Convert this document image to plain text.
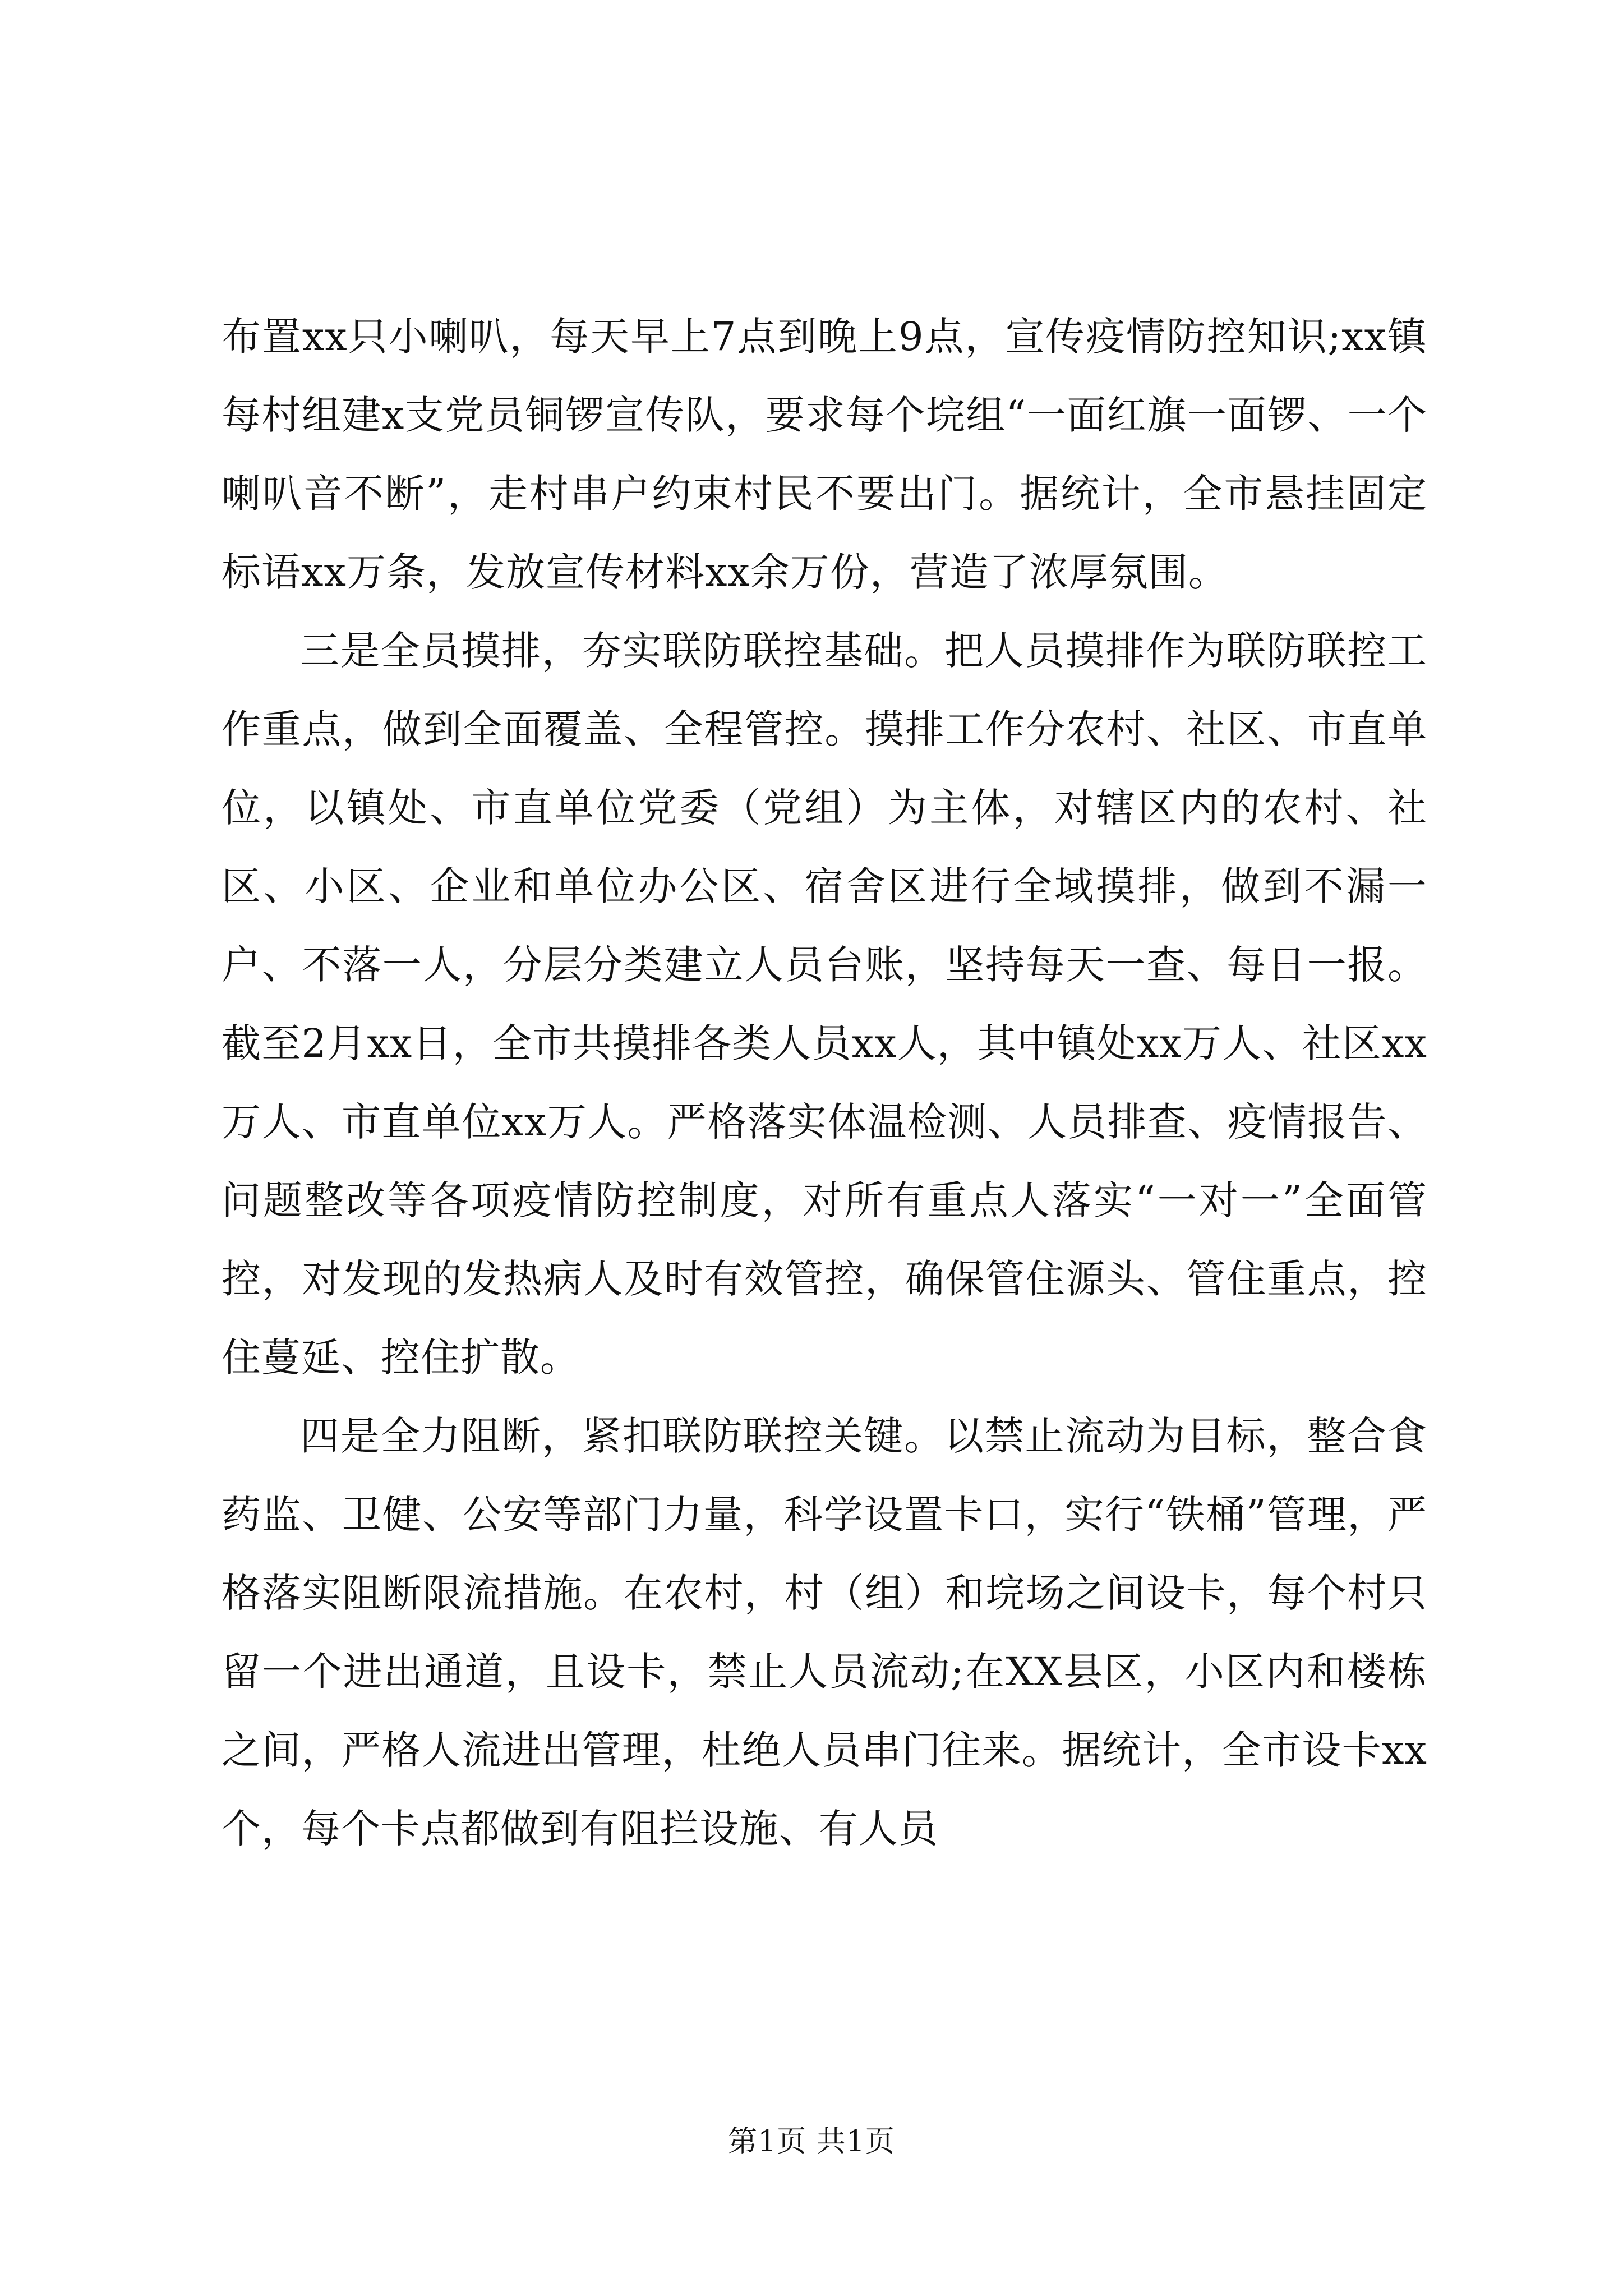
布置xx只小喇叭，每天早上7点到晚上9点，宣传疫情防控知识;xx镇每村组建x支党员铜锣宣传队，要求每个垸组“一面红旗一面锣、一个喇叭音不断”，走村串户约束村民不要出门。据统计，全市悬挂固定标语xx万条，发放宣传材料xx余万份，营造了浓厚氛围。

三是全员摸排，夯实联防联控基础。把人员摸排作为联防联控工作重点，做到全面覆盖、全程管控。摸排工作分农村、社区、市直单位，以镇处、市直单位党委（党组）为主体，对辖区内的农村、社区、小区、企业和单位办公区、宿舍区进行全域摸排，做到不漏一户、不落一人，分层分类建立人员台账，坚持每天一查、每日一报。截至2月xx日，全市共摸排各类人员xx人，其中镇处xx万人、社区xx万人、市直单位xx万人。严格落实体温检测、人员排查、疫情报告、问题整改等各项疫情防控制度，对所有重点人落实“一对一”全面管控，对发现的发热病人及时有效管控，确保管住源头、管住重点，控住蔓延、控住扩散。

四是全力阻断，紧扣联防联控关键。以禁止流动为目标，整合食药监、卫健、公安等部门力量，科学设置卡口，实行“铁桶”管理，严格落实阻断限流措施。在农村，村（组）和垸场之间设卡，每个村只留一个进出通道，且设卡，禁止人员流动;在XX县区，小区内和楼栋之间，严格人流进出管理，杜绝人员串门往来。据统计，全市设卡xx个，每个卡点都做到有阻拦设施、有人员

第1页 共1页
